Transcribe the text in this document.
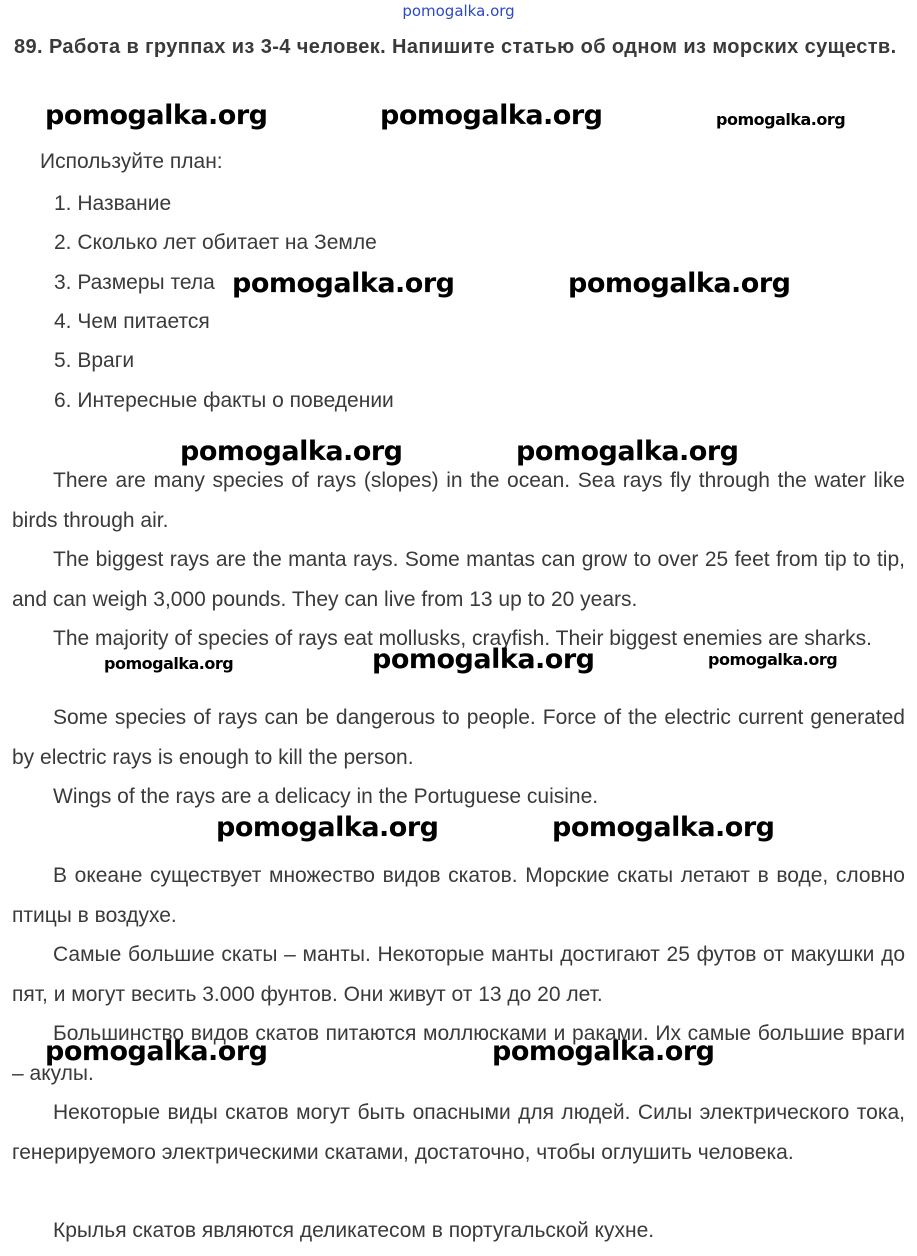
pomogalka.org
89. Работа в группах из 3-4 человек. Напишите статью об одном из морских существ.
Используйте план:
1. Название
2. Сколько лет обитает на Земле
3. Размеры тела
4. Чем питается
5. Враги
6. Интересные факты о поведении
There are many species of rays (slopes) in the ocean. Sea rays fly through the water like birds through air.
The biggest rays are the manta rays. Some mantas can grow to over 25 feet from tip to tip, and can weigh 3,000 pounds. They can live from 13 up to 20 years.
The majority of species of rays eat mollusks, crayfish. Their biggest enemies are sharks.
Some species of rays can be dangerous to people. Force of the electric current generated by electric rays is enough to kill the person.
Wings of the rays are a delicacy in the Portuguese cuisine.
В океане существует множество видов скатов. Морские скаты летают в воде, словно птицы в воздухе.
Самые большие скаты – манты. Некоторые манты достигают 25 футов от макушки до пят, и могут весить 3.000 фунтов. Они живут от 13 до 20 лет.
Большинство видов скатов питаются моллюсками и раками. Их самые большие враги – акулы.
Некоторые виды скатов могут быть опасными для людей. Силы электрического тока, генерируемого электрическими скатами, достаточно, чтобы оглушить человека.
Крылья скатов являются деликатесом в португальской кухне.
pomogalka.org	pomogalka.org	pomogalka.org
pomogalka.org	pomogalka.org
pomogalka.org	pomogalka.org
pomogalka.org	pomogalka.org	pomogalka.org
pomogalka.org	pomogalka.org
pomogalka.org	pomogalka.org
